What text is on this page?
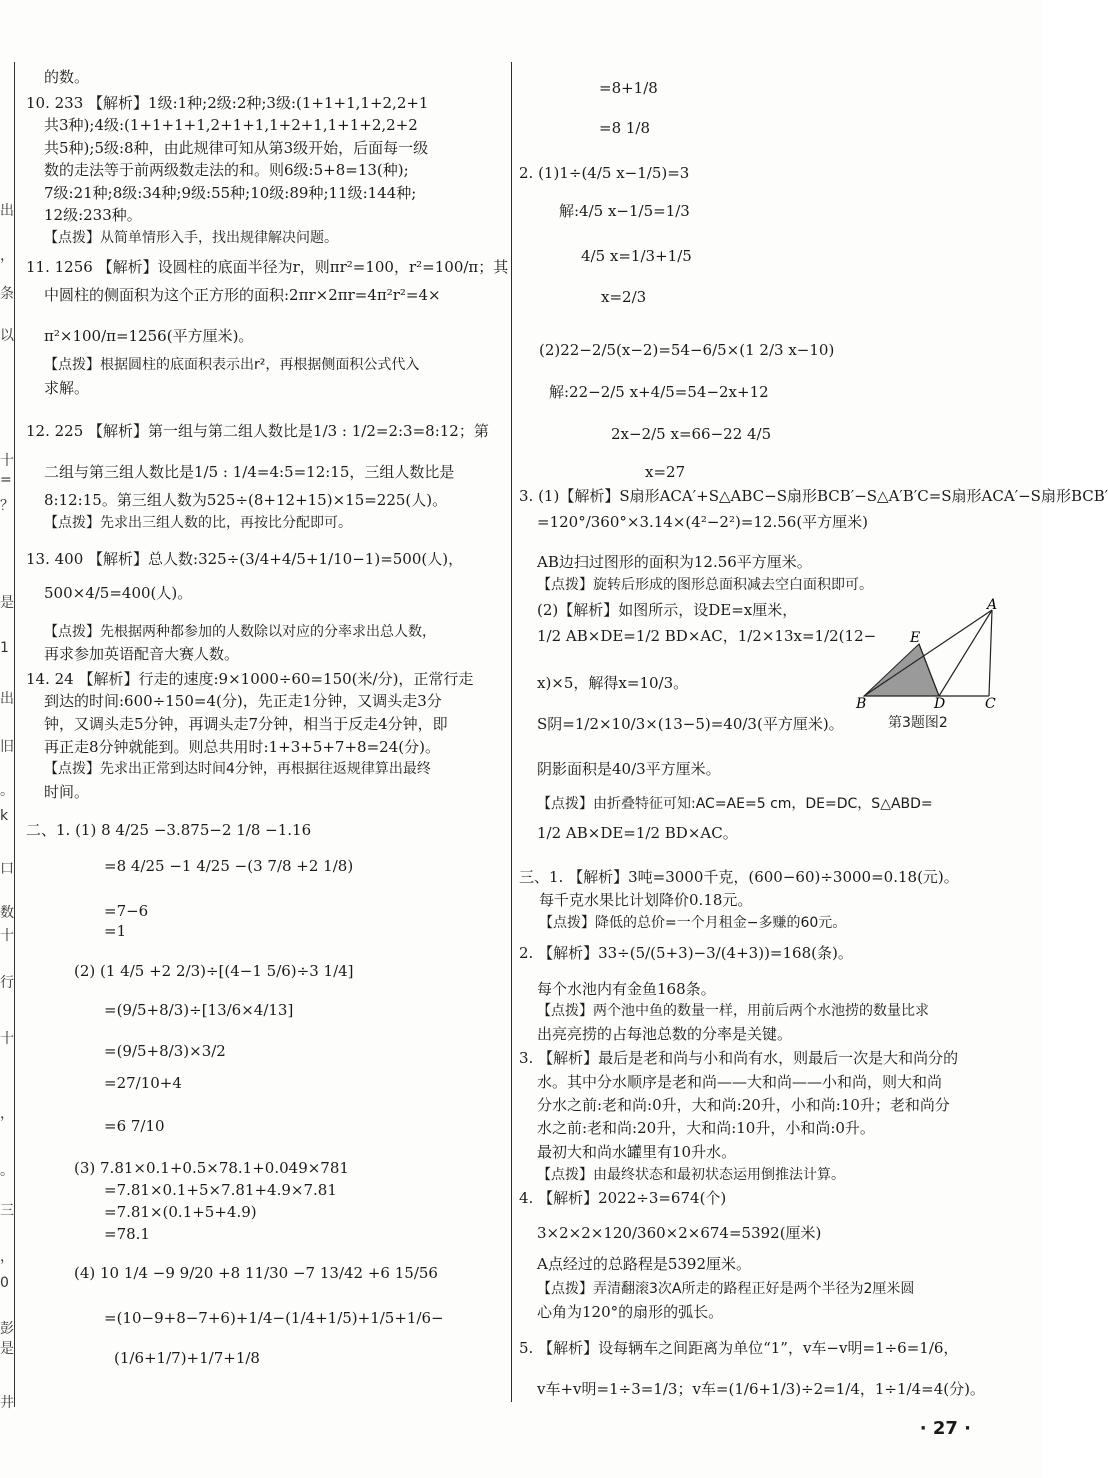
出
，
条
以
十
=
？
是
1
出
旧
。
k
口
数
十
行
十
，
。
三
，
0
彭
是
井
的数。
10. 233 【解析】1级:1种;2级:2种;3级:(1+1+1,1+2,2+1
共3种);4级:(1+1+1+1,2+1+1,1+2+1,1+1+2,2+2
共5种);5级:8种，由此规律可知从第3级开始，后面每一级
数的走法等于前两级数走法的和。则6级:5+8=13(种);
7级:21种;8级:34种;9级:55种;10级:89种;11级:144种;
12级:233种。
【点拨】从简单情形入手，找出规律解决问题。
11. 1256 【解析】设圆柱的底面半径为r，则πr²=100，r²=100/π；其
中圆柱的侧面积为这个正方形的面积:2πr×2πr=4π²r²=4×
π²×100/π=1256(平方厘米)。
【点拨】根据圆柱的底面积表示出r²，再根据侧面积公式代入
求解。
12. 225 【解析】第一组与第二组人数比是1/3 : 1/2=2:3=8:12；第
二组与第三组人数比是1/5 : 1/4=4:5=12:15，三组人数比是
8:12:15。第三组人数为525÷(8+12+15)×15=225(人)。
【点拨】先求出三组人数的比，再按比分配即可。
13. 400 【解析】总人数:325÷(3/4+4/5+1/10−1)=500(人)，
500×4/5=400(人)。
【点拨】先根据两种都参加的人数除以对应的分率求出总人数，
再求参加英语配音大赛人数。
14. 24 【解析】行走的速度:9×1000÷60=150(米/分)，正常行走
到达的时间:600÷150=4(分)，先正走1分钟，又调头走3分
钟，又调头走5分钟，再调头走7分钟，相当于反走4分钟，即
再正走8分钟就能到。则总共用时:1+3+5+7+8=24(分)。
【点拨】先求出正常到达时间4分钟，再根据往返规律算出最终
时间。
二、1. (1) 8 4/25 −3.875−2 1/8 −1.16
=8 4/25 −1 4/25 −(3 7/8 +2 1/8)
=7−6
=1
(2) (1 4/5 +2 2/3)÷[(4−1 5/6)÷3 1/4]
=(9/5+8/3)÷[13/6×4/13]
=(9/5+8/3)×3/2
=27/10+4
=6 7/10
(3) 7.81×0.1+0.5×78.1+0.049×781
=7.81×0.1+5×7.81+4.9×7.81
=7.81×(0.1+5+4.9)
=78.1
(4) 10 1/4 −9 9/20 +8 11/30 −7 13/42 +6 15/56
=(10−9+8−7+6)+1/4−(1/4+1/5)+1/5+1/6−
(1/6+1/7)+1/7+1/8
=8+1/8
=8 1/8
2. (1)1÷(4/5 x−1/5)=3
解:4/5 x−1/5=1/3
4/5 x=1/3+1/5
x=2/3
(2)22−2/5(x−2)=54−6/5×(1 2/3 x−10)
解:22−2/5 x+4/5=54−2x+12
2x−2/5 x=66−22 4/5
x=27
3. (1)【解析】S扇形ACA′+S△ABC−S扇形BCB′−S△A′B′C=S扇形ACA′−S扇形BCB′
=120°/360°×3.14×(4²−2²)=12.56(平方厘米)
AB边扫过图形的面积为12.56平方厘米。
【点拨】旋转后形成的图形总面积减去空白面积即可。
(2)【解析】如图所示，设DE=x厘米，
1/2 AB×DE=1/2 BD×AC，1/2×13x=1/2(12−
x)×5，解得x=10/3。
S阴=1/2×10/3×(13−5)=40/3(平方厘米)。
阴影面积是40/3平方厘米。
【点拨】由折叠特征可知:AC=AE=5 cm，DE=DC，S△ABD=
1/2 AB×DE=1/2 BD×AC。
三、1. 【解析】3吨=3000千克，(600−60)÷3000=0.18(元)。
每千克水果比计划降价0.18元。
【点拨】降低的总价=一个月租金−多赚的60元。
2. 【解析】33÷(5/(5+3)−3/(4+3))=168(条)。
每个水池内有金鱼168条。
【点拨】两个池中鱼的数量一样，用前后两个水池捞的数量比求
出亮亮捞的占每池总数的分率是关键。
3. 【解析】最后是老和尚与小和尚有水，则最后一次是大和尚分的
水。其中分水顺序是老和尚——大和尚——小和尚，则大和尚
分水之前:老和尚:0升，大和尚:20升，小和尚:10升；老和尚分
水之前:老和尚:20升，大和尚:10升，小和尚:0升。
最初大和尚水罐里有10升水。
【点拨】由最终状态和最初状态运用倒推法计算。
4. 【解析】2022÷3=674(个)
3×2×2×120/360×2×674=5392(厘米)
A点经过的总路程是5392厘米。
【点拨】弄清翻滚3次A所走的路程正好是两个半径为2厘米圆
心角为120°的扇形的弧长。
5. 【解析】设每辆车之间距离为单位“1”，v车−v明=1÷6=1/6，
v车+v明=1÷3=1/3；v车=(1/6+1/3)÷2=1/4，1÷1/4=4(分)。
A
E
B	D	C
第3题图2
· 27 ·
